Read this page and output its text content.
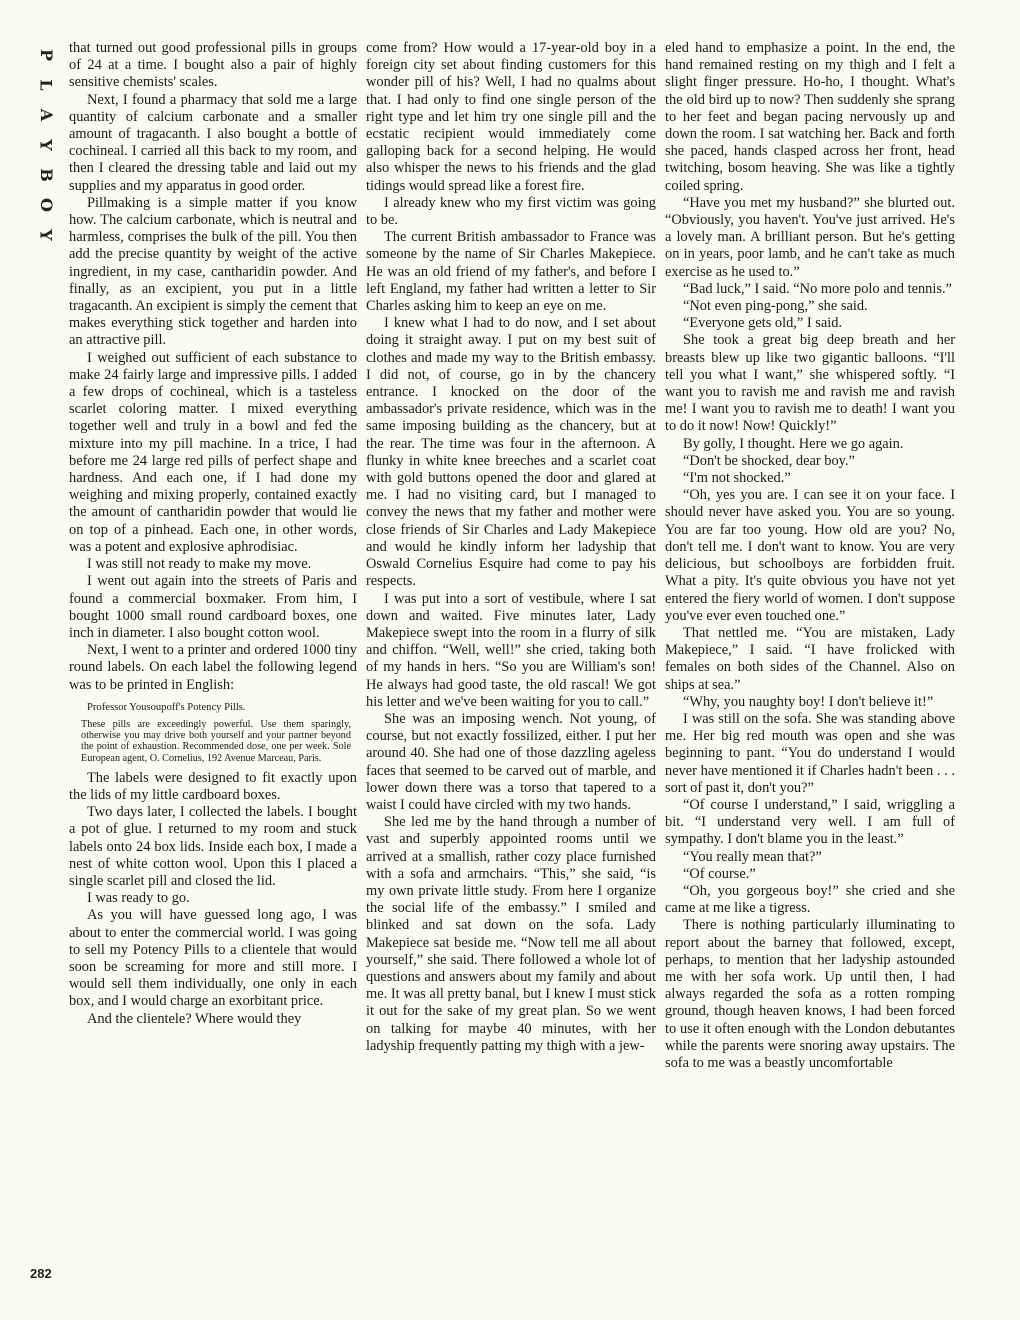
P
L
A
Y
B
O
Y

that turned out good professional pills in groups of 24 at a time. I bought also a pair of highly sensitive chemists' scales.

Next, I found a pharmacy that sold me a large quantity of calcium carbonate and a smaller amount of tragacanth. I also bought a bottle of cochineal. I carried all this back to my room, and then I cleared the dressing table and laid out my supplies and my apparatus in good order.

Pillmaking is a simple matter if you know how. The calcium carbonate, which is neutral and harmless, comprises the bulk of the pill. You then add the precise quantity by weight of the active ingredient, in my case, cantharidin powder. And finally, as an excipient, you put in a little tragacanth. An excipient is simply the cement that makes everything stick together and harden into an attractive pill.

I weighed out sufficient of each substance to make 24 fairly large and impressive pills. I added a few drops of cochineal, which is a tasteless scarlet coloring matter. I mixed everything together well and truly in a bowl and fed the mixture into my pill machine. In a trice, I had before me 24 large red pills of perfect shape and hardness. And each one, if I had done my weighing and mixing properly, contained exactly the amount of cantharidin powder that would lie on top of a pinhead. Each one, in other words, was a potent and explosive aphrodisiac.

I was still not ready to make my move.

I went out again into the streets of Paris and found a commercial boxmaker. From him, I bought 1000 small round cardboard boxes, one inch in diameter. I also bought cotton wool.

Next, I went to a printer and ordered 1000 tiny round labels. On each label the following legend was to be printed in English:

Professor Yousoupoff's Potency Pills.

These pills are exceedingly powerful. Use them sparingly, otherwise you may drive both yourself and your partner beyond the point of exhaustion. Recommended dose, one per week. Sole European agent, O. Cornelius, 192 Avenue Marceau, Paris.

The labels were designed to fit exactly upon the lids of my little cardboard boxes.

Two days later, I collected the labels. I bought a pot of glue. I returned to my room and stuck labels onto 24 box lids. Inside each box, I made a nest of white cotton wool. Upon this I placed a single scarlet pill and closed the lid.

I was ready to go.

As you will have guessed long ago, I was about to enter the commercial world. I was going to sell my Potency Pills to a clientele that would soon be screaming for more and still more. I would sell them individually, one only in each box, and I would charge an exorbitant price.

And the clientele? Where would they

come from? How would a 17-year-old boy in a foreign city set about finding customers for this wonder pill of his? Well, I had no qualms about that. I had only to find one single person of the right type and let him try one single pill and the ecstatic recipient would immediately come galloping back for a second helping. He would also whisper the news to his friends and the glad tidings would spread like a forest fire.

I already knew who my first victim was going to be.

The current British ambassador to France was someone by the name of Sir Charles Makepiece. He was an old friend of my father's, and before I left England, my father had written a letter to Sir Charles asking him to keep an eye on me.

I knew what I had to do now, and I set about doing it straight away. I put on my best suit of clothes and made my way to the British embassy. I did not, of course, go in by the chancery entrance. I knocked on the door of the ambassador's private residence, which was in the same imposing building as the chancery, but at the rear. The time was four in the afternoon. A flunky in white knee breeches and a scarlet coat with gold buttons opened the door and glared at me. I had no visiting card, but I managed to convey the news that my father and mother were close friends of Sir Charles and Lady Makepiece and would he kindly inform her ladyship that Oswald Cornelius Esquire had come to pay his respects.

I was put into a sort of vestibule, where I sat down and waited. Five minutes later, Lady Makepiece swept into the room in a flurry of silk and chiffon. “Well, well!” she cried, taking both of my hands in hers. “So you are William's son! He always had good taste, the old rascal! We got his letter and we've been waiting for you to call.”

She was an imposing wench. Not young, of course, but not exactly fossilized, either. I put her around 40. She had one of those dazzling ageless faces that seemed to be carved out of marble, and lower down there was a torso that tapered to a waist I could have circled with my two hands.

She led me by the hand through a number of vast and superbly appointed rooms until we arrived at a smallish, rather cozy place furnished with a sofa and armchairs. “This,” she said, “is my own private little study. From here I organize the social life of the embassy.” I smiled and blinked and sat down on the sofa. Lady Makepiece sat beside me. “Now tell me all about yourself,” she said. There followed a whole lot of questions and answers about my family and about me. It was all pretty banal, but I knew I must stick it out for the sake of my great plan. So we went on talking for maybe 40 minutes, with her ladyship frequently patting my thigh with a jew-

eled hand to emphasize a point. In the end, the hand remained resting on my thigh and I felt a slight finger pressure. Ho-ho, I thought. What's the old bird up to now? Then suddenly she sprang to her feet and began pacing nervously up and down the room. I sat watching her. Back and forth she paced, hands clasped across her front, head twitching, bosom heaving. She was like a tightly coiled spring.

“Have you met my husband?” she blurted out. “Obviously, you haven't. You've just arrived. He's a lovely man. A brilliant person. But he's getting on in years, poor lamb, and he can't take as much exercise as he used to.”

“Bad luck,” I said. “No more polo and tennis.”

“Not even ping-pong,” she said.

“Everyone gets old,” I said.

She took a great big deep breath and her breasts blew up like two gigantic balloons. “I'll tell you what I want,” she whispered softly. “I want you to ravish me and ravish me and ravish me! I want you to ravish me to death! I want you to do it now! Now! Quickly!”

By golly, I thought. Here we go again.

“Don't be shocked, dear boy.”

“I'm not shocked.”

“Oh, yes you are. I can see it on your face. I should never have asked you. You are so young. You are far too young. How old are you? No, don't tell me. I don't want to know. You are very delicious, but schoolboys are forbidden fruit. What a pity. It's quite obvious you have not yet entered the fiery world of women. I don't suppose you've ever even touched one.”

That nettled me. “You are mistaken, Lady Makepiece,” I said. “I have frolicked with females on both sides of the Channel. Also on ships at sea.”

“Why, you naughty boy! I don't believe it!”

I was still on the sofa. She was standing above me. Her big red mouth was open and she was beginning to pant. “You do understand I would never have mentioned it if Charles hadn't been . . . sort of past it, don't you?”

“Of course I understand,” I said, wriggling a bit. “I understand very well. I am full of sympathy. I don't blame you in the least.”

“You really mean that?”

“Of course.”

“Oh, you gorgeous boy!” she cried and she came at me like a tigress.

There is nothing particularly illuminating to report about the barney that followed, except, perhaps, to mention that her ladyship astounded me with her sofa work. Up until then, I had always regarded the sofa as a rotten romping ground, though heaven knows, I had been forced to use it often enough with the London debutantes while the parents were snoring away upstairs. The sofa to me was a beastly uncomfortable

282
